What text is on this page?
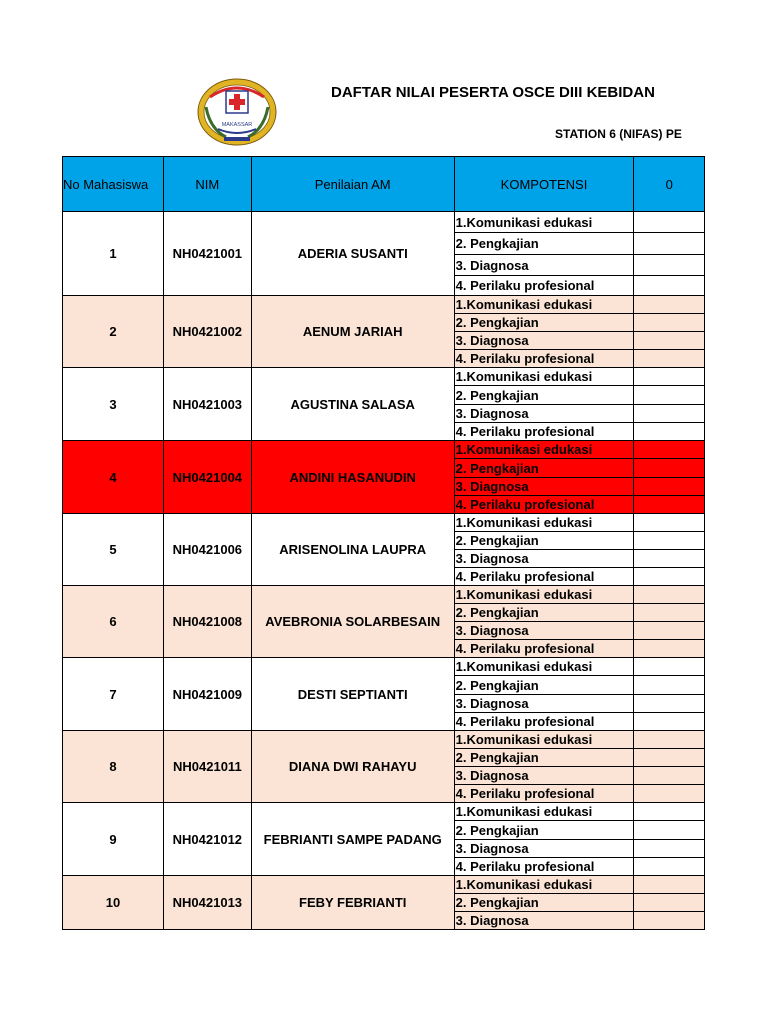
MAKASSAR
DAFTAR NILAI PESERTA OSCE DIII KEBIDAN
STATION 6 (NIFAS) PE
No Mahasiswa	NIM	Penilaian AM	KOMPOTENSI	0
1	NH0421001	ADERIA SUSANTI	1.Komunikasi edukasi	
			2. Pengkajian	
			3. Diagnosa	
			4. Perilaku profesional	
2	NH0421002	AENUM JARIAH	1.Komunikasi edukasi	
			2. Pengkajian	
			3. Diagnosa	
			4. Perilaku profesional	
3	NH0421003	AGUSTINA SALASA	1.Komunikasi edukasi	
			2. Pengkajian	
			3. Diagnosa	
			4. Perilaku profesional	
4	NH0421004	ANDINI HASANUDIN	1.Komunikasi edukasi	
			2. Pengkajian	
			3. Diagnosa	
			4. Perilaku profesional	
5	NH0421006	ARISENOLINA LAUPRA	1.Komunikasi edukasi	
			2. Pengkajian	
			3. Diagnosa	
			4. Perilaku profesional	
6	NH0421008	AVEBRONIA SOLARBESAIN	1.Komunikasi edukasi	
			2. Pengkajian	
			3. Diagnosa	
			4. Perilaku profesional	
7	NH0421009	DESTI SEPTIANTI	1.Komunikasi edukasi	
			2. Pengkajian	
			3. Diagnosa	
			4. Perilaku profesional	
8	NH0421011	DIANA DWI RAHAYU	1.Komunikasi edukasi	
			2. Pengkajian	
			3. Diagnosa	
			4. Perilaku profesional	
9	NH0421012	FEBRIANTI SAMPE PADANG	1.Komunikasi edukasi	
			2. Pengkajian	
			3. Diagnosa	
			4. Perilaku profesional	
10	NH0421013	FEBY FEBRIANTI	1.Komunikasi edukasi	
			2. Pengkajian	
			3. Diagnosa	
